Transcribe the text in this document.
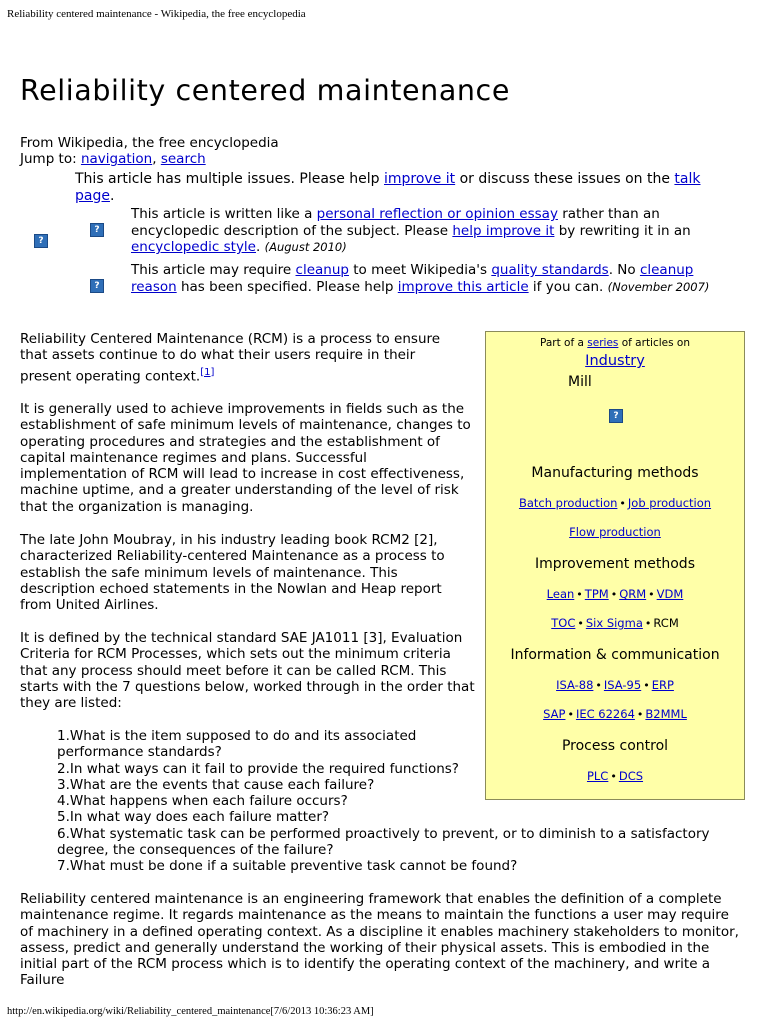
Reliability centered maintenance - Wikipedia, the free encyclopedia
Reliability centered maintenance
From Wikipedia, the free encyclopedia
Jump to: navigation, search
?
This article has multiple issues. Please help improve it or discuss these issues on the talk page.
?
This article is written like a personal reflection or opinion essay rather than an encyclopedic description of the subject. Please help improve it by rewriting it in an encyclopedic style. (August 2010)
?
This article may require cleanup to meet Wikipedia's quality standards. No cleanup reason has been specified. Please help improve this article if you can. (November 2007)
Reliability Centered Maintenance (RCM) is a process to ensure that assets continue to do what their users require in their present operating context.[1]
It is generally used to achieve improvements in fields such as the establishment of safe minimum levels of maintenance, changes to operating procedures and strategies and the establishment of capital maintenance regimes and plans. Successful implementation of RCM will lead to increase in cost effectiveness, machine uptime, and a greater understanding of the level of risk that the organization is managing.
The late John Moubray, in his industry leading book RCM2 [2], characterized Reliability-centered Maintenance as a process to establish the safe minimum levels of maintenance. This description echoed statements in the Nowlan and Heap report from United Airlines.
It is defined by the technical standard SAE JA1011 [3], Evaluation Criteria for RCM Processes, which sets out the minimum criteria that any process should meet before it can be called RCM. This starts with the 7 questions below, worked through in the order that they are listed:
1.What is the item supposed to do and its associated performance standards?
2.In what ways can it fail to provide the required functions?
3.What are the events that cause each failure?
4.What happens when each failure occurs?
5.In what way does each failure matter?
6.What systematic task can be performed proactively to prevent, or to diminish to a satisfactory degree, the consequences of the failure?
7.What must be done if a suitable preventive task cannot be found?
Reliability centered maintenance is an engineering framework that enables the definition of a complete maintenance regime. It regards maintenance as the means to maintain the functions a user may require of machinery in a defined operating context. As a discipline it enables machinery stakeholders to monitor, assess, predict and generally understand the working of their physical assets. This is embodied in the initial part of the RCM process which is to identify the operating context of the machinery, and write a Failure
Part of a series of articles on
Industry
Mill
?
Manufacturing methods
Batch production • Job production
Flow production
Improvement methods
Lean • TPM • QRM • VDM
TOC • Six Sigma • RCM
Information & communication
ISA-88 • ISA-95 • ERP
SAP • IEC 62264 • B2MML
Process control
PLC • DCS
http://en.wikipedia.org/wiki/Reliability_centered_maintenance[7/6/2013 10:36:23 AM]
